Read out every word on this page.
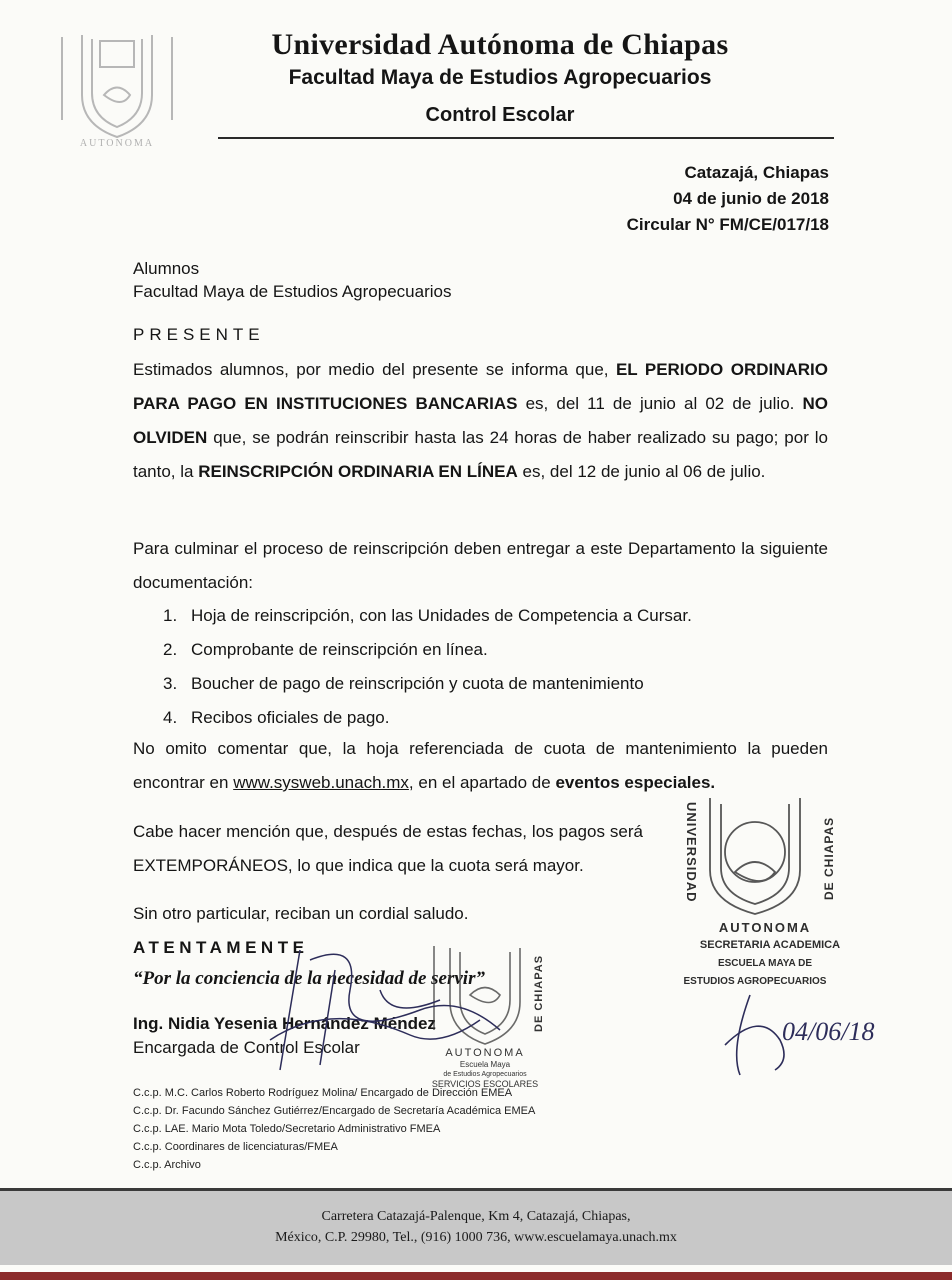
AUTONOMA
Universidad Autónoma de Chiapas
Facultad Maya de Estudios Agropecuarios
Control Escolar
Catazajá, Chiapas
04 de junio de 2018
Circular N° FM/CE/017/18
Alumnos
Facultad Maya de Estudios Agropecuarios
PRESENTE
Estimados alumnos, por medio del presente se informa que, EL PERIODO ORDINARIO PARA PAGO EN INSTITUCIONES BANCARIAS es, del 11 de junio al 02 de julio. NO OLVIDEN que, se podrán reinscribir hasta las 24 horas de haber realizado su pago; por lo tanto, la REINSCRIPCIÓN ORDINARIA EN LÍNEA es, del 12 de junio al 06 de julio.
Para culminar el proceso de reinscripción deben entregar a este Departamento la siguiente documentación:
1. Hoja de reinscripción, con las Unidades de Competencia a Cursar.
2. Comprobante de reinscripción en línea.
3. Boucher de pago de reinscripción y cuota de mantenimiento
4. Recibos oficiales de pago.
No omito comentar que, la hoja referenciada de cuota de mantenimiento la pueden encontrar en www.sysweb.unach.mx, en el apartado de eventos especiales.
Cabe hacer mención que, después de estas fechas, los pagos será EXTEMPORÁNEOS, lo que indica que la cuota será mayor.
Sin otro particular, reciban un cordial saludo.
ATENTAMENTE
“Por la conciencia de la necesidad de servir”
Ing. Nidia Yesenia Hernández Méndez
Encargada de Control Escolar
C.c.p. M.C. Carlos Roberto Rodríguez Molina/ Encargado de Dirección EMEA
C.c.p. Dr. Facundo Sánchez Gutiérrez/Encargado de Secretaría Académica EMEA
C.c.p. LAE. Mario Mota Toledo/Secretario Administrativo FMEA
C.c.p. Coordinares de licenciaturas/FMEA
C.c.p. Archivo
DE CHIAPAS
AUTONOMA
Escuela Maya
de Estudios Agropecuarios
SERVICIOS ESCOLARES
UNIVERSIDAD	DE CHIAPAS
AUTONOMA
SECRETARIA ACADEMICA
ESCUELA MAYA DE
ESTUDIOS AGROPECUARIOS
04/06/18
Carretera Catazajá-Palenque, Km 4, Catazajá, Chiapas,
México, C.P. 29980, Tel., (916) 1000 736, www.escuelamaya.unach.mx
